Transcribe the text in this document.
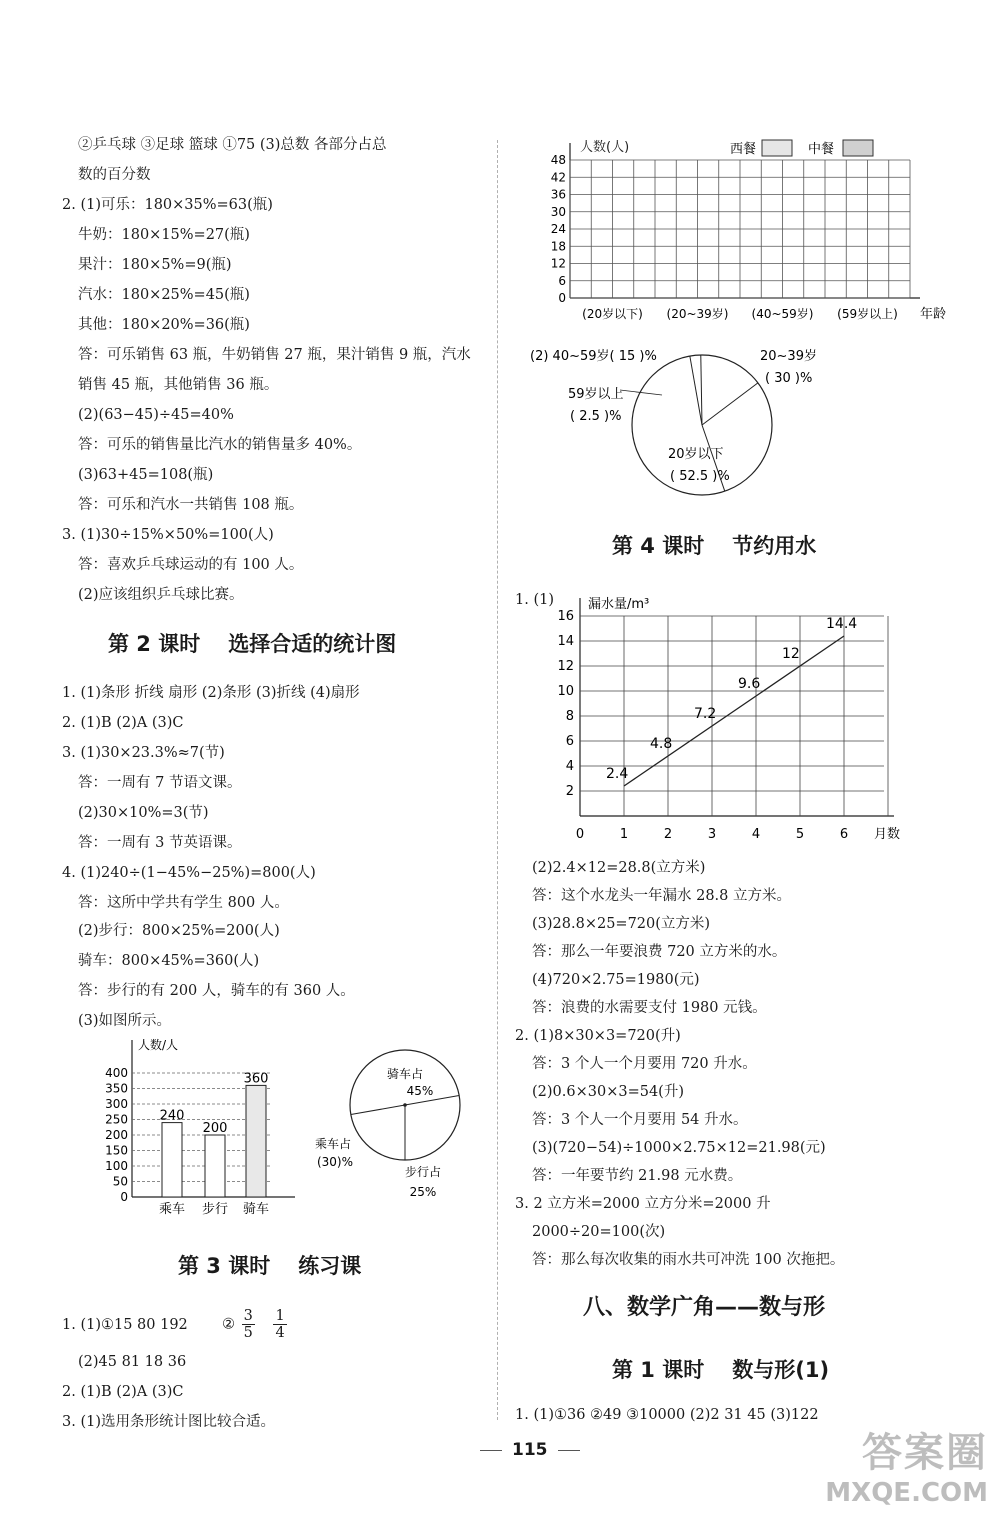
②乒乓球 ③足球 篮球 ①75 (3)总数 各部分占总
数的百分数
2. (1)可乐：180×35%=63(瓶)
牛奶：180×15%=27(瓶)
果汁：180×5%=9(瓶)
汽水：180×25%=45(瓶)
其他：180×20%=36(瓶)
答：可乐销售 63 瓶，牛奶销售 27 瓶，果汁销售 9 瓶，汽水
销售 45 瓶，其他销售 36 瓶。
(2)(63−45)÷45=40%
答：可乐的销售量比汽水的销售量多 40%。
(3)63+45=108(瓶)
答：可乐和汽水一共销售 108 瓶。
3. (1)30÷15%×50%=100(人)
答：喜欢乒乓球运动的有 100 人。
(2)应该组织乒乓球比赛。
1. (1)条形 折线 扇形 (2)条形 (3)折线 (4)扇形
2. (1)B (2)A (3)C
3. (1)30×23.3%≈7(节)
答：一周有 7 节语文课。
(2)30×10%=3(节)
答：一周有 3 节英语课。
4. (1)240÷(1−45%−25%)=800(人)
答：这所中学共有学生 800 人。
(2)步行：800×25%=200(人)
骑车：800×45%=360(人)
答：步行的有 200 人，骑车的有 360 人。
(3)如图所示。
1. (1)①15 80 192
(2)45 81 18 36
2. (1)B (2)A (3)C
3. (1)选用条形统计图比较合适。
第 2 课时 选择合适的统计图
第 3 课时 练习课
1. (1)
(2)2.4×12=28.8(立方米)
答：这个水龙头一年漏水 28.8 立方米。
(3)28.8×25=720(立方米)
答：那么一年要浪费 720 立方米的水。
(4)720×2.75=1980(元)
答：浪费的水需要支付 1980 元钱。
2. (1)8×30×3=720(升)
答：3 个人一个月要用 720 升水。
(2)0.6×30×3=54(升)
答：3 个人一个月要用 54 升水。
(3)(720−54)÷1000×2.75×12=21.98(元)
答：一年要节约 21.98 元水费。
3. 2 立方米=2000 立方分米=2000 升
2000÷20=100(次)
答：那么每次收集的雨水共可冲洗 100 次拖把。
1. (1)①36 ②49 ③10000 (2)2 31 45 (3)122
第 4 课时 节约用水
第 1 课时 数与形(1)
② $\frac{3}{5}$
$\frac{1}{4}$
八、数学广角——数与形
人数(人)	西餐	中餐
0
6
12
18
24
30
36
42
48
(20岁以下) (20~39岁) (40~59岁) (59岁以上) 年龄
(2) 40~59岁( 15 )%	20~39岁
( 30 )%
59岁以上
( 2.5 )%
20岁以下
( 52.5 )%
漏水量/m³
2
4
6
8
10
12
14
16
0	1	2	3	4	5	6 月数
2.4
4.8
7.2
9.6
12
14.4
人数/人
0
50
100
150
200
250
300
350
400
240
乘车
200
步行
360
骑车
骑车占
45%
乘车占
(30)%
步行占
25%
115	答案圈
MXQE.COM
